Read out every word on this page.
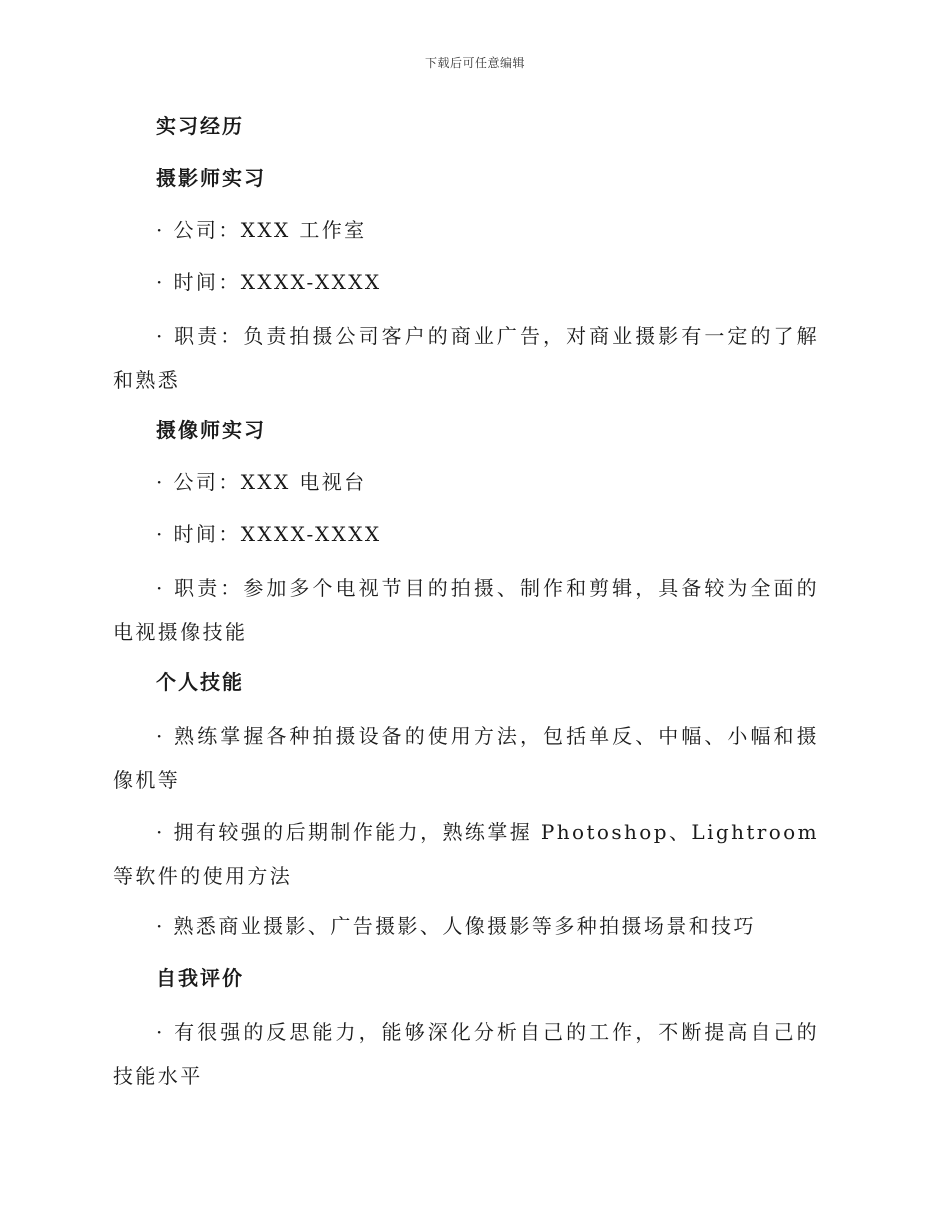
下载后可任意编辑
实习经历
摄影师实习

· 公司：XXX 工作室

· 时间：XXXX-XXXX

· 职责：负责拍摄公司客户的商业广告，对商业摄影有一定的了解和熟悉

摄像师实习

· 公司：XXX 电视台

· 时间：XXXX-XXXX

· 职责：参加多个电视节目的拍摄、制作和剪辑，具备较为全面的电视摄像技能

个人技能

· 熟练掌握各种拍摄设备的使用方法，包括单反、中幅、小幅和摄像机等

· 拥有较强的后期制作能力，熟练掌握 Photoshop、Lightroom 等软件的使用方法

· 熟悉商业摄影、广告摄影、人像摄影等多种拍摄场景和技巧

自我评价

· 有很强的反思能力，能够深化分析自己的工作，不断提高自己的技能水平
